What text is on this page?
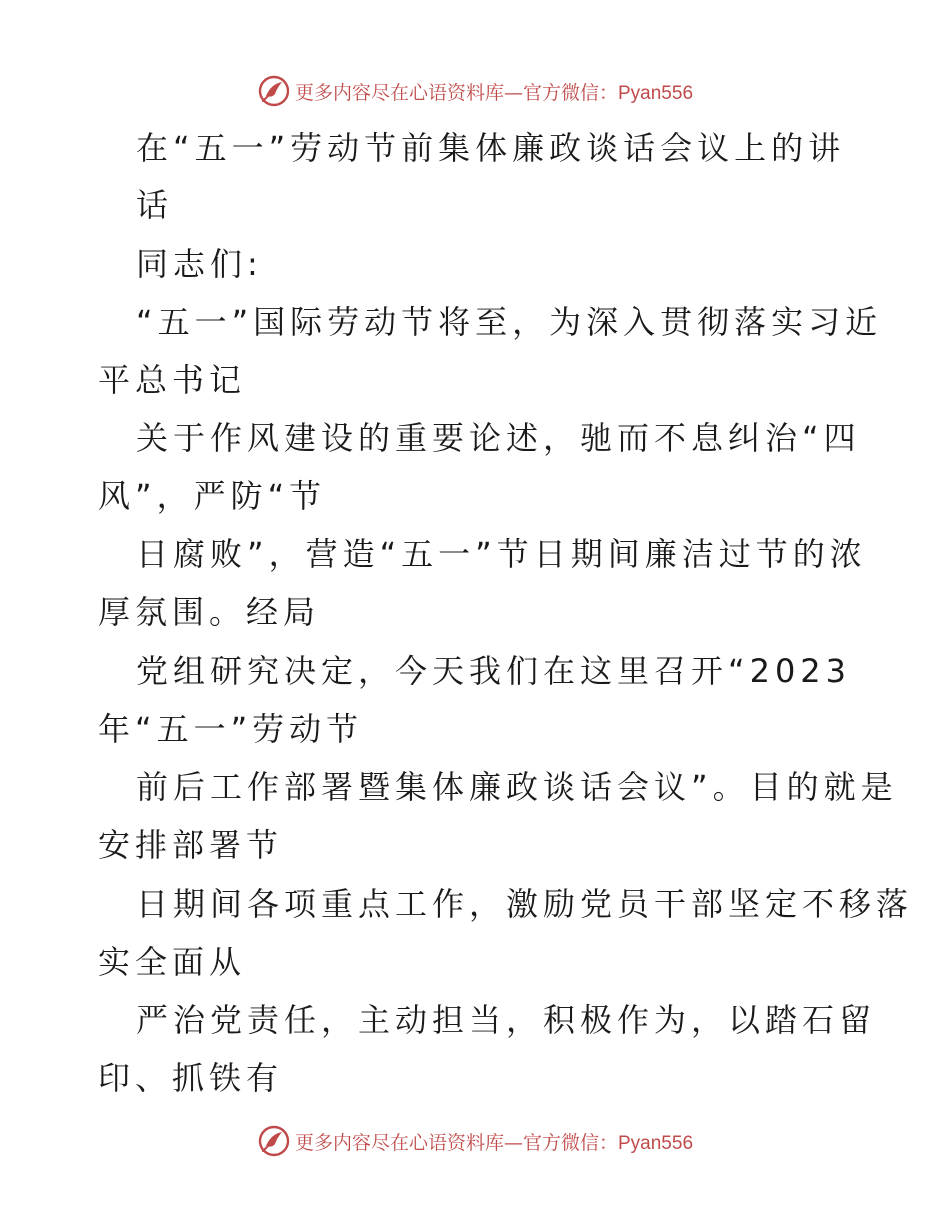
更多内容尽在心语资料库—官方微信：Pyan556
在“五一”劳动节前集体廉政谈话会议上的讲
话
同志们:
“五一”国际劳动节将至，为深入贯彻落实习近
平总书记
关于作风建设的重要论述，驰而不息纠治“四
风”，严防“节
日腐败”，营造“五一”节日期间廉洁过节的浓
厚氛围。经局
党组研究决定，今天我们在这里召开“2023
年“五一”劳动节
前后工作部署暨集体廉政谈话会议”。目的就是
安排部署节
日期间各项重点工作，激励党员干部坚定不移落
实全面从
严治党责任，主动担当，积极作为，以踏石留
印、抓铁有
更多内容尽在心语资料库—官方微信：Pyan556
